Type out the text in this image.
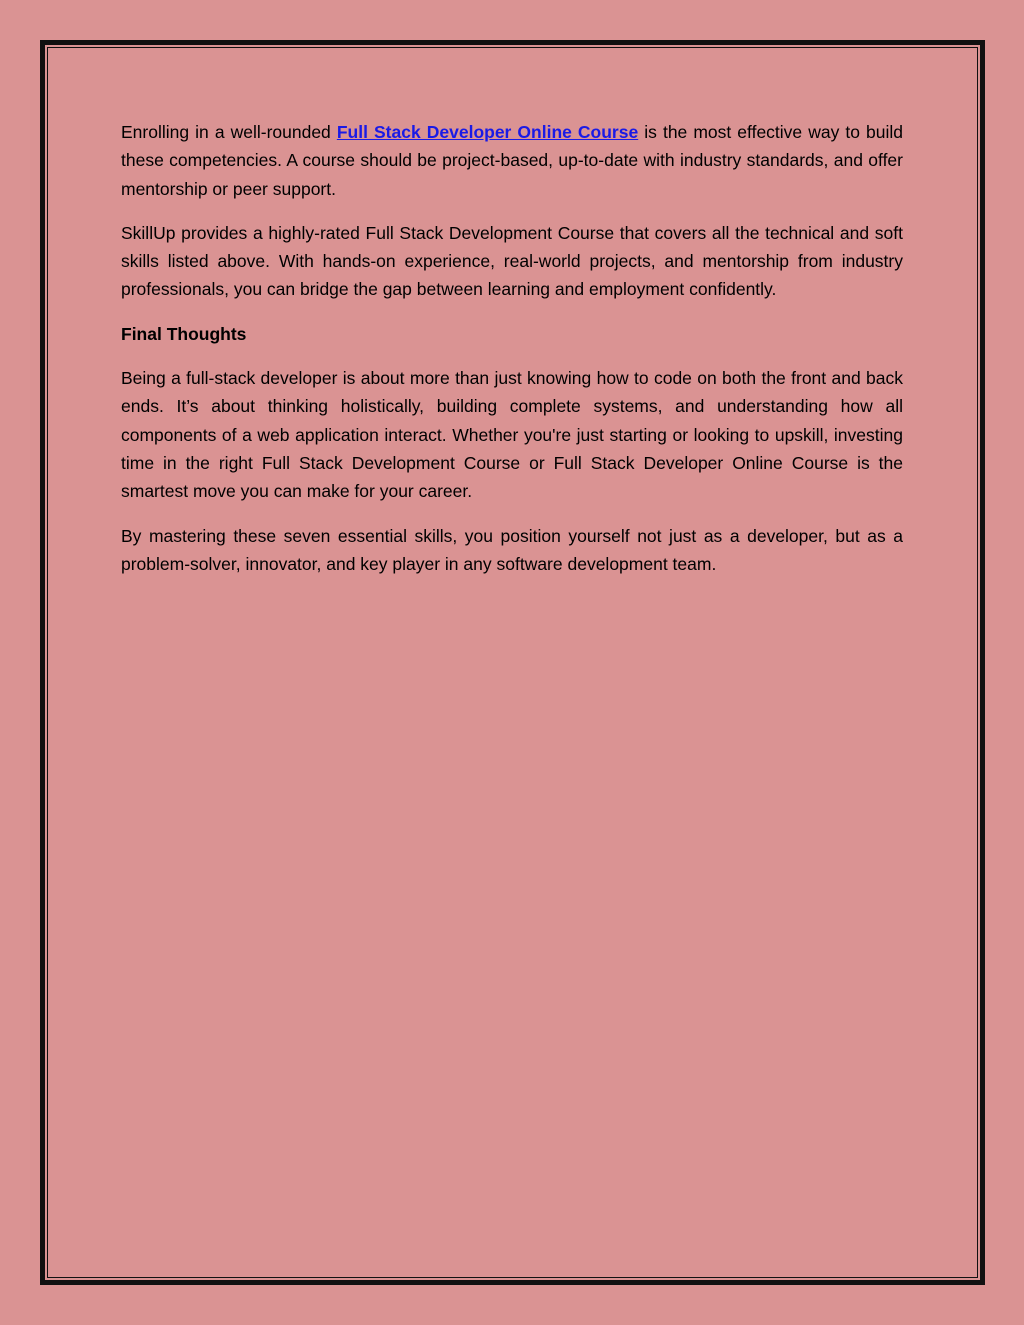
Enrolling in a well-rounded Full Stack Developer Online Course is the most effective way to build these competencies. A course should be project-based, up-to-date with industry standards, and offer mentorship or peer support.

SkillUp provides a highly-rated Full Stack Development Course that covers all the technical and soft skills listed above. With hands-on experience, real-world projects, and mentorship from industry professionals, you can bridge the gap between learning and employment confidently.

Final Thoughts

Being a full-stack developer is about more than just knowing how to code on both the front and back ends. It’s about thinking holistically, building complete systems, and understanding how all components of a web application interact. Whether you're just starting or looking to upskill, investing time in the right Full Stack Development Course or Full Stack Developer Online Course is the smartest move you can make for your career.

By mastering these seven essential skills, you position yourself not just as a developer, but as a problem-solver, innovator, and key player in any software development team.
